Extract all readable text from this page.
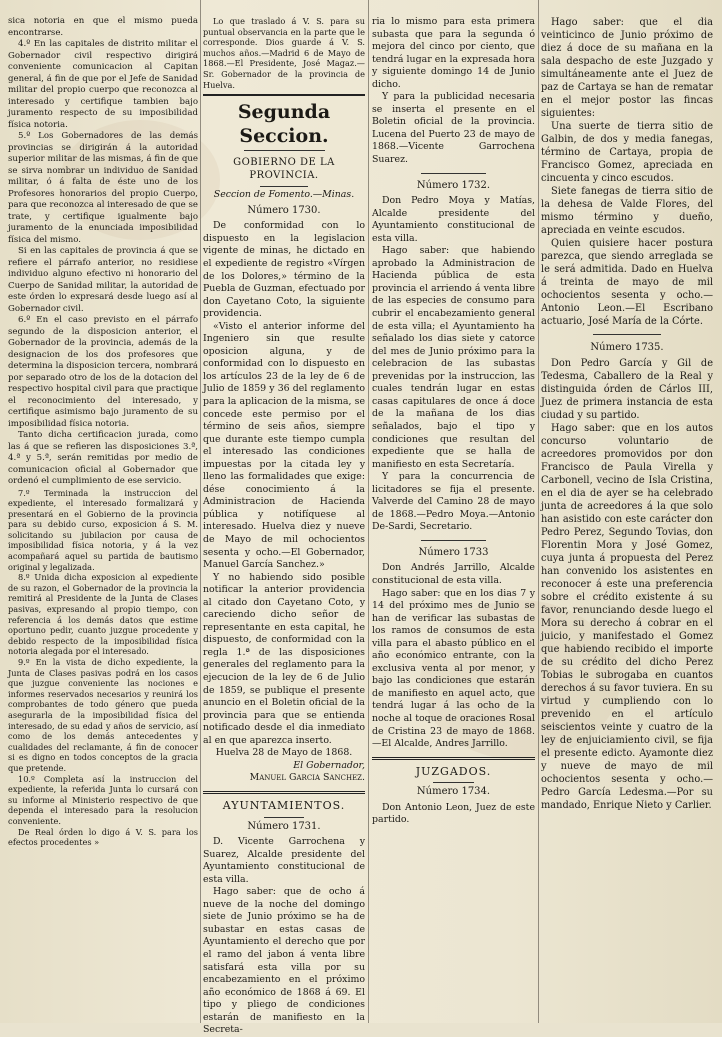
sica notoria en que el mismo pueda encontrarse.

4.º En las capitales de distrito militar el Gobernador civil respectivo dirigirá conveniente comunicacion al Capitan general, á fin de que por el Jefe de Sanidad militar del propio cuerpo que reconozca al interesado y certifique tambien bajo juramento respecto de su imposibilidad física notoria.

5.º Los Gobernadores de las demás provincias se dirigirán á la autoridad superior militar de las mismas, á fin de que se sirva nombrar un individuo de Sanidad militar, ó á falta de éste uno de los Profesores honorarios del propio Cuerpo, para que reconozca al interesado de que se trate, y certifique igualmente bajo juramento de la enunciada imposibilidad física del mismo.

Si en las capitales de provincia á que se refiere el párrafo anterior, no residiese individuo alguno efectivo ni honorario del Cuerpo de Sanidad militar, la autoridad de este órden lo expresará desde luego así al Gobernador civil.

6.º En el caso previsto en el párrafo segundo de la disposicion anterior, el Gobernador de la provincia, además de la designacion de los dos profesores que determina la disposicion tercera, nombrará por separado otro de los de la dotacion del respectivo hospital civil para que practique el reconocimiento del interesado, y certifique asimismo bajo juramento de su imposibilidad física notoria.

Tanto dicha certificacion jurada, como las á que se refieren las disposiciones 3.ª, 4.ª y 5.ª, serán remitidas por medio de comunicacion oficial al Gobernador que ordenó el cumplimiento de ese servicio.

7.º Terminada la instruccion del expediente, el interesado formalizará y presentará en el Gobierno de la provincia para su debido curso, exposicion á S. M. solicitando su jubilacion por causa de imposibilidad física notoria, y á la vez acompañará aquel su partida de bautismo original y legalizada.

8.º Unida dicha exposicion al expediente de su razon, el Gobernador de la provincia la remitirá al Presidente de la Junta de Clases pasivas, expresando al propio tiempo, con referencia á los demás datos que estime oportuno pedir, cuanto juzgue procedente y debido respecto de la imposibilidad física notoria alegada por el interesado.

9.º En la vista de dicho expediente, la Junta de Clases pasivas podrá en los casos que juzgue conveniente las nociones e informes reservados necesarios y reunirá los comprobantes de todo género que pueda asegurarla de la imposibilidad física del interesado, de su edad y años de servicio, así como de los demás antecedentes y cualidades del reclamante, á fin de conocer si es digno en todos conceptos de la gracia que pretende.

10.º Completa así la instruccion del expediente, la referida Junta lo cursará con su informe al Ministerio respectivo de que dependa el interesado para la resolucion conveniente.

De Real órden lo digo á V. S. para los efectos procedentes »

Lo que traslado á V. S. para su puntual observancia en la parte que le corresponde. Dios guarde á V. S. muchos años.—Madrid 6 de Mayo de 1868.—El Presidente, José Magaz.—Sr. Gobernador de la provincia de Huelva.

Segunda Seccion.
GOBIERNO DE LA PROVINCIA.

Seccion de Fomento.—Minas.

Número 1730.

De conformidad con lo dispuesto en la legislacion vigente de minas, he dictado en el expediente de registro «Vírgen de los Dolores,» término de la Puebla de Guzman, efectuado por don Cayetano Coto, la siguiente providencia.

«Visto el anterior informe del Ingeniero sin que resulte oposicion alguna, y de conformidad con lo dispuesto en los artículos 23 de la ley de 6 de Julio de 1859 y 36 del reglamento para la aplicacion de la misma, se concede este permiso por el término de seis años, siempre que durante este tiempo cumpla el interesado las condiciones impuestas por la citada ley y lleno las formalidades que exige: dése conocimiento á la Administracion de Hacienda pública y notifíquese al interesado. Huelva diez y nueve de Mayo de mil ochocientos sesenta y ocho.—El Gobernador, Manuel García Sanchez.»

Y no habiendo sido posible notificar la anterior providencia al citado don Cayetano Coto, y careciendo dicho señor de representante en esta capital, he dispuesto, de conformidad con la regla 1.ª de las disposiciones generales del reglamento para la ejecucion de la ley de 6 de Julio de 1859, se publique el presente anuncio en el Boletin oficial de la provincia para que se entienda notificado desde el dia inmediato al en que aparezca inserto.

Huelva 28 de Mayo de 1868.

El Gobernador,

Manuel Garcia Sanchez.

AYUNTAMIENTOS.
Número 1731.

D. Vicente Garrochena y Suarez, Alcalde presidente del Ayuntamiento constitucional de esta villa.

Hago saber: que de ocho á nueve de la noche del domingo siete de Junio próximo se ha de subastar en estas casas de Ayuntamiento el derecho que por el ramo del jabon á venta libre satisfará esta villa por su encabezamiento en el próximo año económico de 1868 á 69. El tipo y pliego de condiciones estarán de manifiesto en la Secreta-

ria lo mismo para esta primera subasta que para la segunda ó mejora del cinco por ciento, que tendrá lugar en la expresada hora y siguiente domingo 14 de Junio dicho.

Y para la publicidad necesaria se inserta el presente en el Boletin oficial de la provincia. Lucena del Puerto 23 de mayo de 1868.—Vicente Garrochena Suarez.

Número 1732.

Don Pedro Moya y Matías, Alcalde presidente del Ayuntamiento constitucional de esta villa.

Hago saber: que habiendo aprobado la Administracion de Hacienda pública de esta provincia el arriendo á venta libre de las especies de consumo para cubrir el encabezamiento general de esta villa; el Ayuntamiento ha señalado los dias siete y catorce del mes de Junio próximo para la celebracion de las subastas prevenidas por la instruccion, las cuales tendrán lugar en estas casas capitulares de once á doce de la mañana de los dias señalados, bajo el tipo y condiciones que resultan del expediente que se halla de manifiesto en esta Secretaría.

Y para la concurrencia de licitadores se fija el presente. Valverde del Camino 28 de mayo de 1868.—Pedro Moya.—Antonio De-Sardi, Secretario.

Número 1733

Don Andrés Jarrillo, Alcalde constitucional de esta villa.

Hago saber: que en los dias 7 y 14 del próximo mes de Junio se han de verificar las subastas de los ramos de consumos de esta villa para el abasto público en el año económico entrante, con la exclusiva venta al por menor, y bajo las condiciones que estarán de manifiesto en aquel acto, que tendrá lugar á las ocho de la noche al toque de oraciones Rosal de Cristina 23 de mayo de 1868.—El Alcalde, Andres Jarrillo.

JUZGADOS.
Número 1734.

Don Antonio Leon, Juez de este partido.

Hago saber: que el dia veinticinco de Junio próximo de diez á doce de su mañana en la sala despacho de este Juzgado y simultáneamente ante el Juez de paz de Cartaya se han de rematar en el mejor postor las fincas siguientes:

Una suerte de tierra sitio de Galbin, de dos y media fanegas, término de Cartaya, propia de Francisco Gomez, apreciada en cincuenta y cinco escudos.

Siete fanegas de tierra sitio de la dehesa de Valde Flores, del mismo término y dueño, apreciada en veinte escudos.

Quien quisiere hacer postura parezca, que siendo arreglada se le será admitida. Dado en Huelva á treinta de mayo de mil ochocientos sesenta y ocho.—Antonio Leon.—El Escribano actuario, José María de la Córte.

Número 1735.

Don Pedro García y Gil de Tedesma, Caballero de la Real y distinguida órden de Cárlos III, Juez de primera instancia de esta ciudad y su partido.

Hago saber: que en los autos concurso voluntario de acreedores promovidos por don Francisco de Paula Virella y Carbonell, vecino de Isla Cristina, en el dia de ayer se ha celebrado junta de acreedores á la que solo han asistido con este carácter don Pedro Perez, Segundo Tovias, don Florentin Mora y José Gomez, cuya junta á propuesta del Perez han convenido los asistentes en reconocer á este una preferencia sobre el crédito existente á su favor, renunciando desde luego el Mora su derecho á cobrar en el juicio, y manifestado el Gomez que habiendo recibido el importe de su crédito del dicho Perez Tobias le subrogaba en cuantos derechos á su favor tuviera. En su virtud y cumpliendo con lo prevenido en el artículo seiscientos veinte y cuatro de la ley de enjuiciamiento civil, se fija el presente edicto. Ayamonte diez y nueve de mayo de mil ochocientos sesenta y ocho.—Pedro García Ledesma.—Por su mandado, Enrique Nieto y Carlier.
